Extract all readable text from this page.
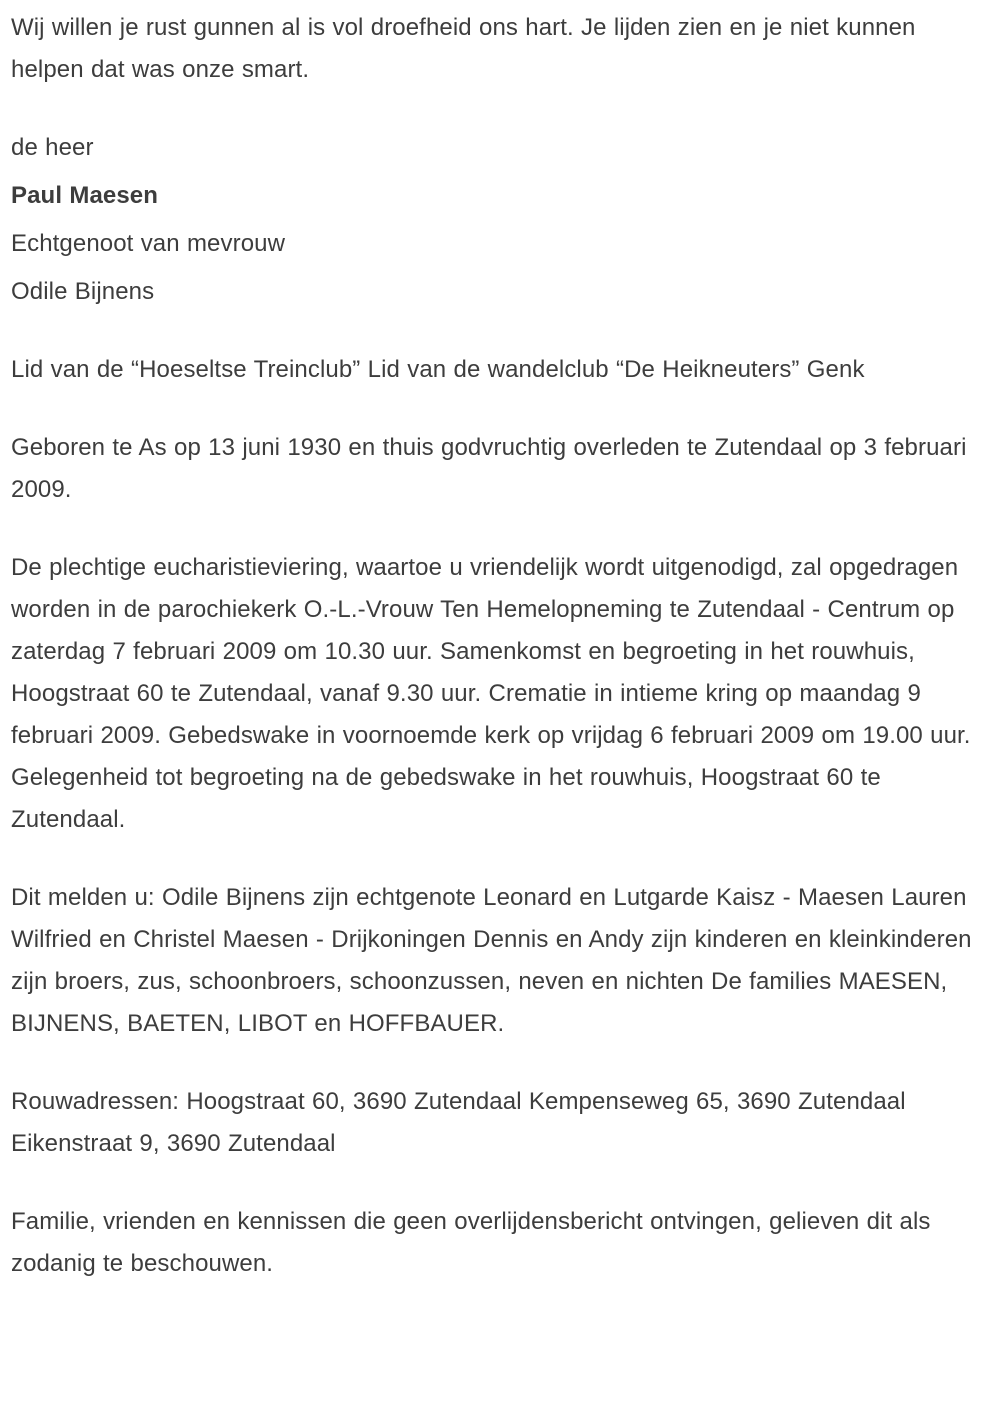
Wij willen je rust gunnen al is vol droefheid ons hart. Je lijden zien en je niet kunnen helpen dat was onze smart.

de heer

Paul Maesen

Echtgenoot van mevrouw

Odile Bijnens

Lid van de “Hoeseltse Treinclub” Lid van de wandelclub “De Heikneuters” Genk

Geboren te As op 13 juni 1930 en thuis godvruchtig overleden te Zutendaal op 3 februari 2009.

De plechtige eucharistieviering, waartoe u vriendelijk wordt uitgenodigd, zal opgedragen worden in de parochiekerk O.-L.-Vrouw Ten Hemelopneming te Zutendaal - Centrum op zaterdag 7 februari 2009 om 10.30 uur. Samenkomst en begroeting in het rouwhuis, Hoogstraat 60 te Zutendaal, vanaf 9.30 uur. Crematie in intieme kring op maandag 9 februari 2009. Gebedswake in voornoemde kerk op vrijdag 6 februari 2009 om 19.00 uur. Gelegenheid tot begroeting na de gebedswake in het rouwhuis, Hoogstraat 60 te Zutendaal.

Dit melden u: Odile Bijnens zijn echtgenote Leonard en Lutgarde Kaisz - Maesen Lauren Wilfried en Christel Maesen - Drijkoningen Dennis en Andy zijn kinderen en kleinkinderen zijn broers, zus, schoonbroers, schoonzussen, neven en nichten De families MAESEN, BIJNENS, BAETEN, LIBOT en HOFFBAUER.

Rouwadressen: Hoogstraat 60, 3690 Zutendaal Kempenseweg 65, 3690 Zutendaal Eikenstraat 9, 3690 Zutendaal

Familie, vrienden en kennissen die geen overlijdensbericht ontvingen, gelieven dit als zodanig te beschouwen.
